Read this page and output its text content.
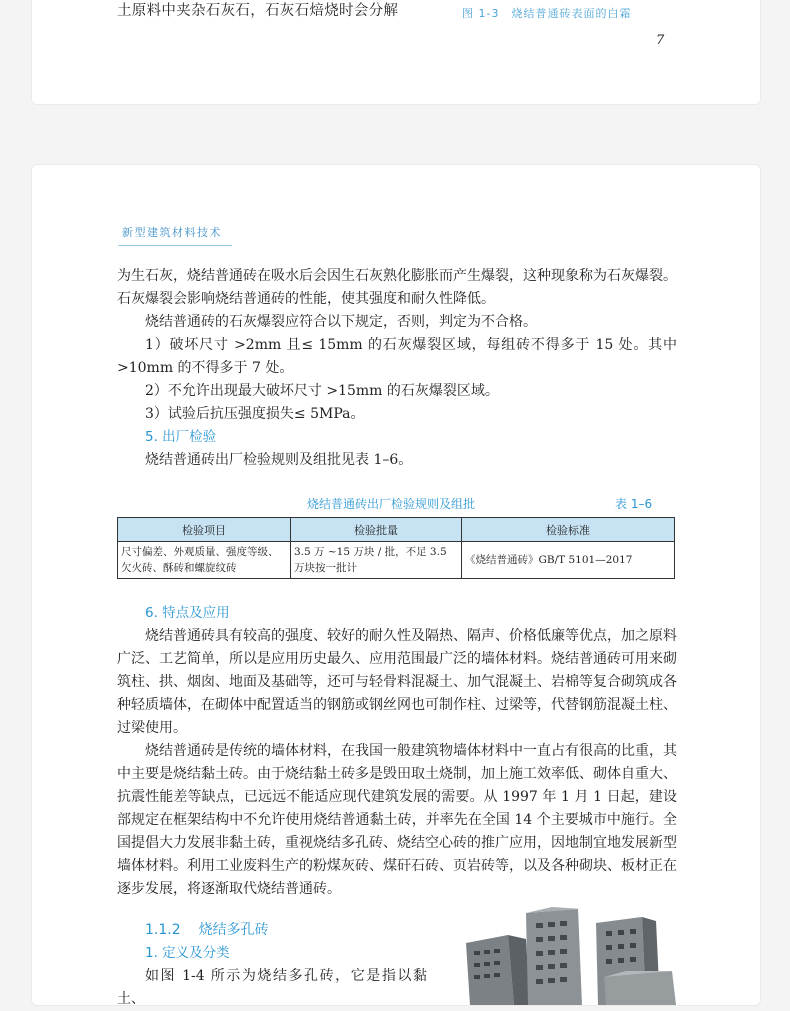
土原料中夹杂石灰石，石灰石焙烧时会分解	图 1-3　烧结普通砖表面的白霜
7
新型建筑材料技术

为生石灰，烧结普通砖在吸水后会因生石灰熟化膨胀而产生爆裂，这种现象称为石灰爆裂。石灰爆裂会影响烧结普通砖的性能，使其强度和耐久性降低。

烧结普通砖的石灰爆裂应符合以下规定，否则，判定为不合格。

1）破坏尺寸 >2mm 且≤ 15mm 的石灰爆裂区域，每组砖不得多于 15 处。其中 >10mm 的不得多于 7 处。

2）不允许出现最大破坏尺寸 >15mm 的石灰爆裂区域。

3）试验后抗压强度损失≤ 5MPa。

5. 出厂检验

烧结普通砖出厂检验规则及组批见表 1–6。

烧结普通砖出厂检验规则及组批	表 1–6
检验项目	检验批量	检验标准
尺寸偏差、外观质量、强度等级、欠火砖、酥砖和螺旋纹砖	3.5 万 ~15 万块 / 批，不足 3.5 万块按一批计	《烧结普通砖》GB/T 5101—2017

6. 特点及应用

烧结普通砖具有较高的强度、较好的耐久性及隔热、隔声、价格低廉等优点，加之原料广泛、工艺简单，所以是应用历史最久、应用范围最广泛的墙体材料。烧结普通砖可用来砌筑柱、拱、烟囱、地面及基础等，还可与轻骨料混凝土、加气混凝土、岩棉等复合砌筑成各种轻质墙体，在砌体中配置适当的钢筋或钢丝网也可制作柱、过梁等，代替钢筋混凝土柱、过梁使用。

烧结普通砖是传统的墙体材料，在我国一般建筑物墙体材料中一直占有很高的比重，其中主要是烧结黏土砖。由于烧结黏土砖多是毁田取土烧制，加上施工效率低、砌体自重大、抗震性能差等缺点，已远远不能适应现代建筑发展的需要。从 1997 年 1 月 1 日起，建设部规定在框架结构中不允许使用烧结普通黏土砖，并率先在全国 14 个主要城市中施行。全国提倡大力发展非黏土砖，重视烧结多孔砖、烧结空心砖的推广应用，因地制宜地发展新型墙体材料。利用工业废料生产的粉煤灰砖、煤矸石砖、页岩砖等，以及各种砌块、板材正在逐步发展，将逐渐取代烧结普通砖。

1.1.2 烧结多孔砖

1. 定义及分类

如图 1-4 所示为烧结多孔砖，它是指以黏土、
